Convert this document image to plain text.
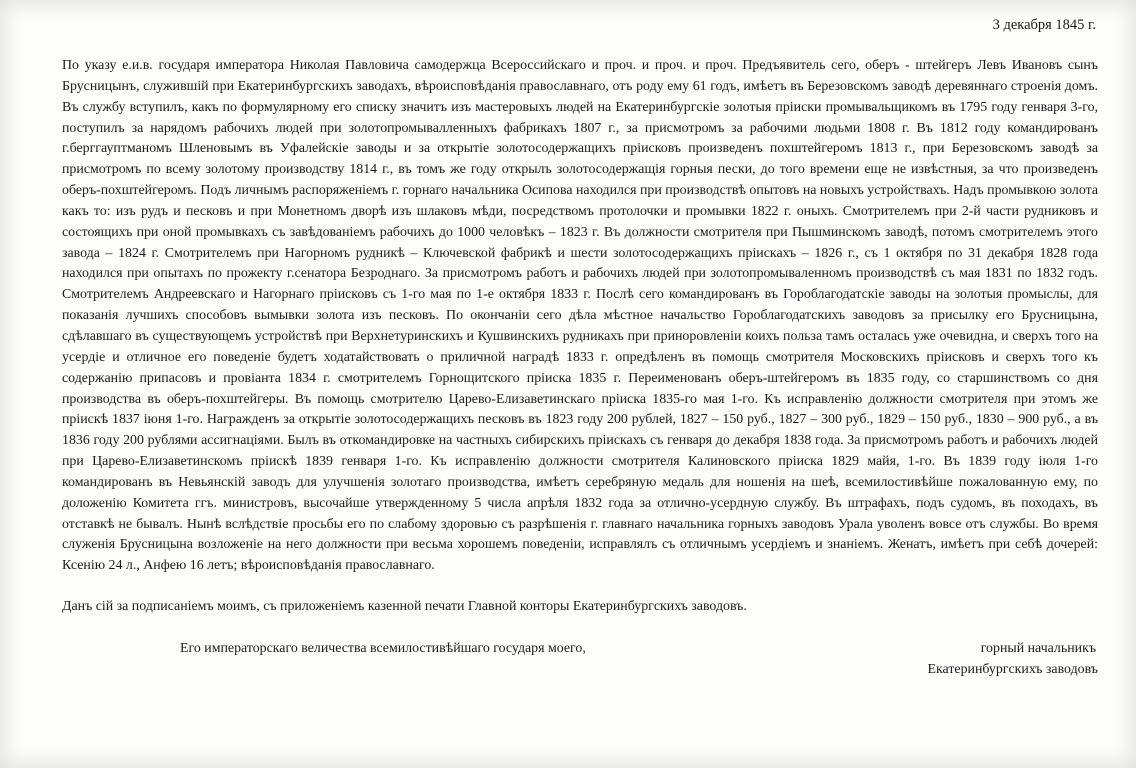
3 декабря 1845 г.

По указу е.и.в. государя императора Николая Павловича самодержца Всероссийскаго и проч. и проч. и проч. Предъявитель сего, оберъ - штейгеръ Левъ Ивановъ сынъ Брусницынъ, служившiй при Екатеринбургскихъ заводахъ, вѣроисповѣданiя православнаго, отъ роду ему 61 годъ, имѣетъ въ Березовскомъ заводѣ деревяннаго строенiя домъ. Въ службу вступилъ, какъ по формулярному его списку значитъ изъ мастеровыхъ людей на Екатеринбургскiе золотыя прiиски промывальщикомъ въ 1795 году генваря 3-го, поступилъ за нарядомъ рабочихъ людей при золотопромывалленныхъ фабрикахъ 1807 г., за присмотромъ за рабочими людьми 1808 г. Въ 1812 году командированъ г.берггауптманомъ Шленовымъ въ Уфалейскiе заводы и за открытiе золотосодержащихъ прiисковъ произведенъ похштейгеромъ 1813 г., при Березовскомъ заводѣ за присмотромъ по всему золотому производству 1814 г., въ томъ же году открылъ золотосодержащiя горныя пески, до того времени еще не извѣстныя, за что произведенъ оберъ-похштейгеромъ. Подъ личнымъ распоряженiемъ г. горнаго начальника Осипова находился при производствѣ опытовъ на новыхъ устройствахъ. Надъ промывкою золота какъ то: изъ рудъ и песковъ и при Монетномъ дворѣ изъ шлаковъ мѣди, посредствомъ протолочки и промывки 1822 г. оныхъ. Смотрителемъ при 2-й части рудниковъ и состоящихъ при оной промывкахъ съ завѣдованiемъ рабочихъ до 1000 человѣкъ – 1823 г. Въ должности смотрителя при Пышминскомъ заводѣ, потомъ смотрителемъ этого завода – 1824 г. Смотрителемъ при Нагорномъ рудникѣ – Ключевской фабрикѣ и шести золотосодержащихъ прiискахъ – 1826 г., съ 1 октября по 31 декабря 1828 года находился при опытахъ по прожекту г.сенатора Безроднаго. За присмотромъ работъ и рабочихъ людей при золотопромываленномъ производствѣ съ мая 1831 по 1832 годъ. Смотрителемъ Андреевскаго и Нагорнаго прiисковъ съ 1-го мая по 1-е октября 1833 г. Послѣ сего командированъ въ Гороблагодатскiе заводы на золотыя промыслы, для показанiя лучшихъ способовъ вымывки золота изъ песковъ. По окончанiи сего дѣла мѣстное начальство Гороблагодатскихъ заводовъ за присылку его Брусницына, сдѣлавшаго въ существующемъ устройствѣ при Верхнетуринскихъ и Кушвинскихъ рудникахъ при приноровленiи коихъ польза тамъ осталась уже очевидна, и сверхъ того на усердiе и отличное его поведенiе будетъ ходатайствовать о приличной наградѣ 1833 г. опредѣленъ въ помощь смотрителя Московскихъ прiисковъ и сверхъ того къ содержанiю припасовъ и провiанта 1834 г. смотрителемъ Горнощитского прiиска 1835 г. Переименованъ оберъ-штейгеромъ въ 1835 году, со старшинствомъ со дня производства въ оберъ-похштейгеры. Въ помощь смотрителю Царево-Елизаветинскаго прiиска 1835-го мая 1-го. Къ исправленiю должности смотрителя при этомъ же прiискѣ 1837 iюня 1-го. Награжденъ за открытiе золотосодержащихъ песковъ въ 1823 году 200 рублей, 1827 – 150 руб., 1827 – 300 руб., 1829 – 150 руб., 1830 – 900 руб., а въ 1836 году 200 рублями ассигнацiями. Былъ въ откомандировке на частныхъ сибирскихъ прiискахъ съ генваря до декабря 1838 года. За присмотромъ работъ и рабочихъ людей при Царево-Елизаветинскомъ прiискѣ 1839 генваря 1-го. Къ исправленiю должности смотрителя Калиновского прiиска 1829 майя, 1-го. Въ 1839 году iюля 1-го командированъ въ Невьянскiй заводъ для улучшенiя золотаго производства, имѣетъ серебряную медаль для ношенiя на шеѣ, всемилостивѣйше пожалованную ему, по доложенiю Комитета ггъ. министровъ, высочайше утвержденному 5 числа апрѣля 1832 года за отлично-усердную службу. Въ штрафахъ, подъ судомъ, въ походахъ, въ отставкѣ не бывалъ. Нынѣ вслѣдствiе просьбы его по слабому здоровью съ разрѣшенiя г. главнаго начальника горныхъ заводовъ Урала уволенъ вовсе отъ службы. Во время служенiя Брусницына возложенiе на него должности при весьма хорошемъ поведенiи, исправлялъ съ отличнымъ усердiемъ и знанiемъ. Женатъ, имѣетъ при себѣ дочерей: Ксенiю 24 л., Анфею 16 летъ; вѣроисповѣданiя православнаго.

Данъ сiй за подписанiемъ моимъ, съ приложенiемъ казенной печати Главной конторы Екатеринбургскихъ заводовъ.

Его императорскаго величества всемилостивѣйшаго государя моего,	горный начальникъ
Екатеринбургскихъ заводовъ
